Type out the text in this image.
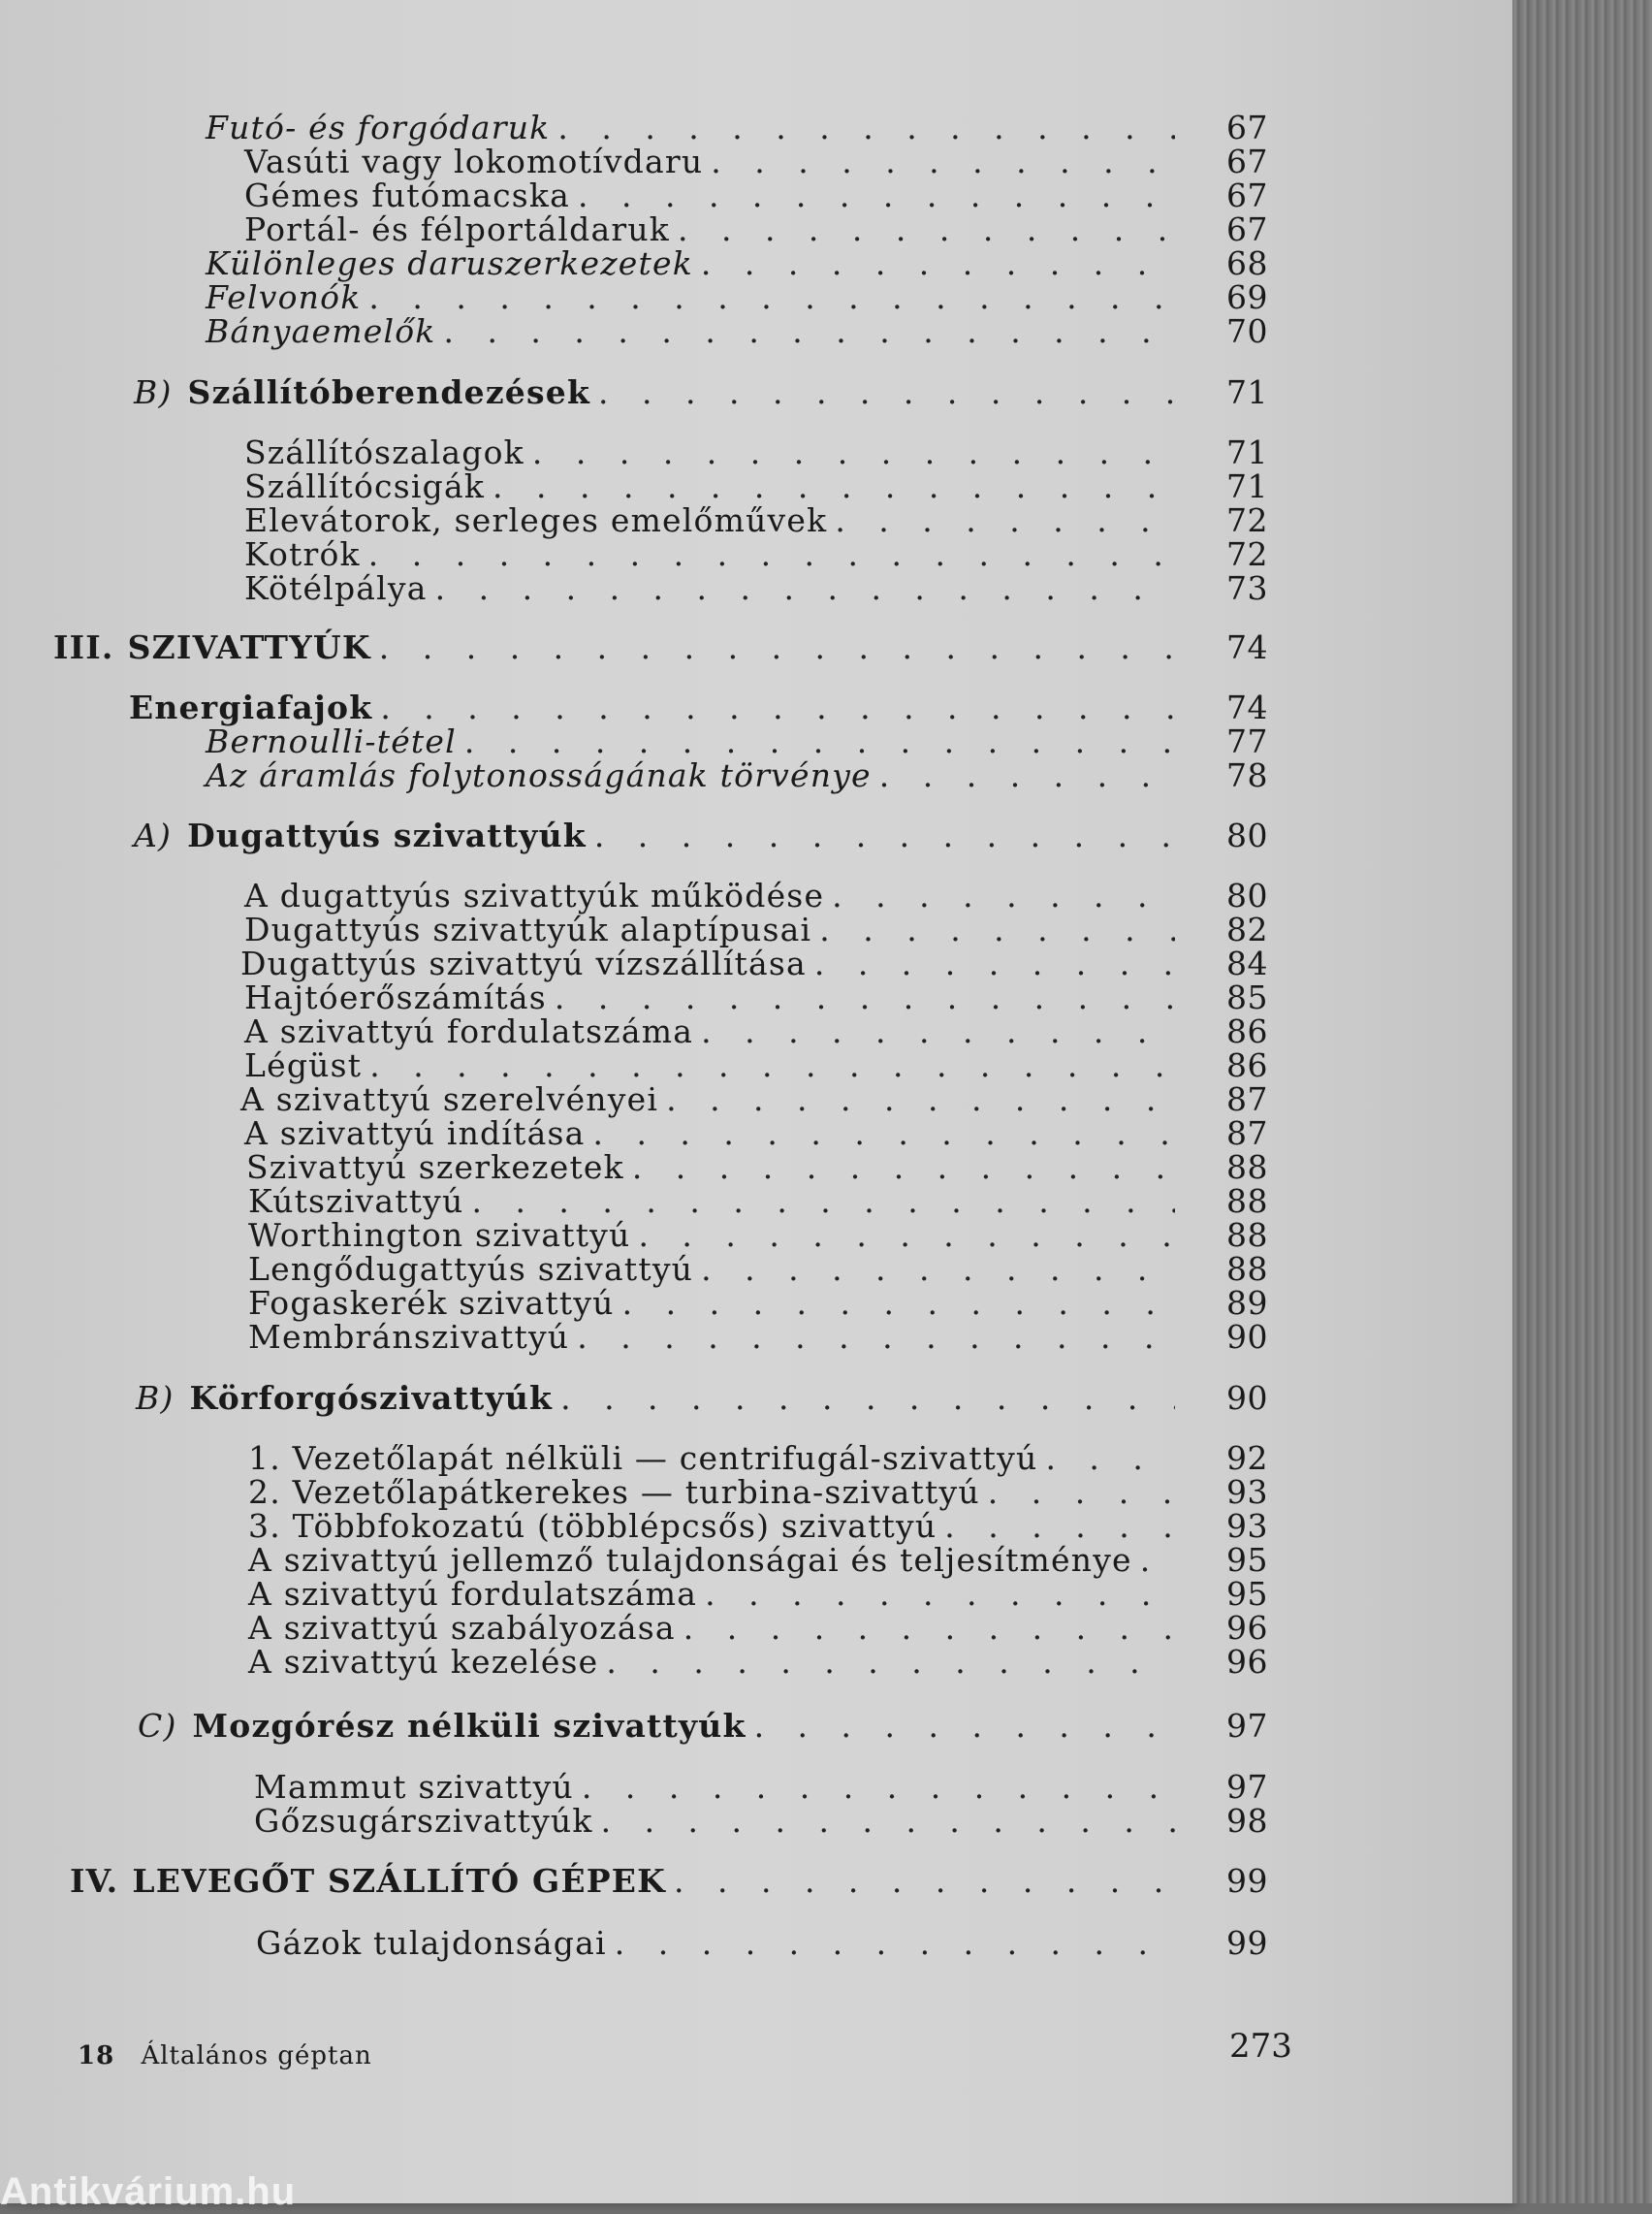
Futó- és forgódaruk . . .	67
Vasúti vagy lokomotívdaru . . .	67
Gémes futómacska . . .	67
Portál- és félportáldaruk . . .	67
Különleges daruszerkezetek . . .	68
Felvonók . . .	69
Bányaemelők . . .	70
B) Szállítóberendezések . . .	71
Szállítószalagok . . .	71
Szállítócsigák . . .	71
Elevátorok, serleges emelőművek . . .	72
Kotrók . . .	72
Kötélpálya . . .	73
III. SZIVATTYÚK . . .	74
Energiafajok . . .	74
Bernoulli-tétel . . .	77
Az áramlás folytonosságának törvénye . . .	78
A) Dugattyús szivattyúk . . .	80
A dugattyús szivattyúk működése . . .	80
Dugattyús szivattyúk alaptípusai . . .	82
Dugattyús szivattyú vízszállítása . . .	84
Hajtóerőszámítás . . .	85
A szivattyú fordulatszáma . . .	86
Légüst . . .	86
A szivattyú szerelvényei . . .	87
A szivattyú indítása . . .	87
Szivattyú szerkezetek . . .	88
Kútszivattyú . . .	88
Worthington szivattyú . . .	88
Lengődugattyús szivattyú . . .	88
Fogaskerék szivattyú . . .	89
Membránszivattyú . . .	90
B) Körforgószivattyúk . . .	90
1. Vezetőlapát nélküli — centrifugál-szivattyú . . .	92
2. Vezetőlapátkerekes — turbina-szivattyú . . .	93
3. Többfokozatú (többlépcsős) szivattyú . . .	93
A szivattyú jellemző tulajdonságai és teljesítménye . . .	95
A szivattyú fordulatszáma . . .	95
A szivattyú szabályozása . . .	96
A szivattyú kezelése . . .	96
C) Mozgórész nélküli szivattyúk . . .	97
Mammut szivattyú . . .	97
Gőzsugárszivattyúk . . .	98
IV. LEVEGŐT SZÁLLÍTÓ GÉPEK . . .	99
Gázok tulajdonságai . . .	99
18 Általános géptan	273
Antikvárium.hu
